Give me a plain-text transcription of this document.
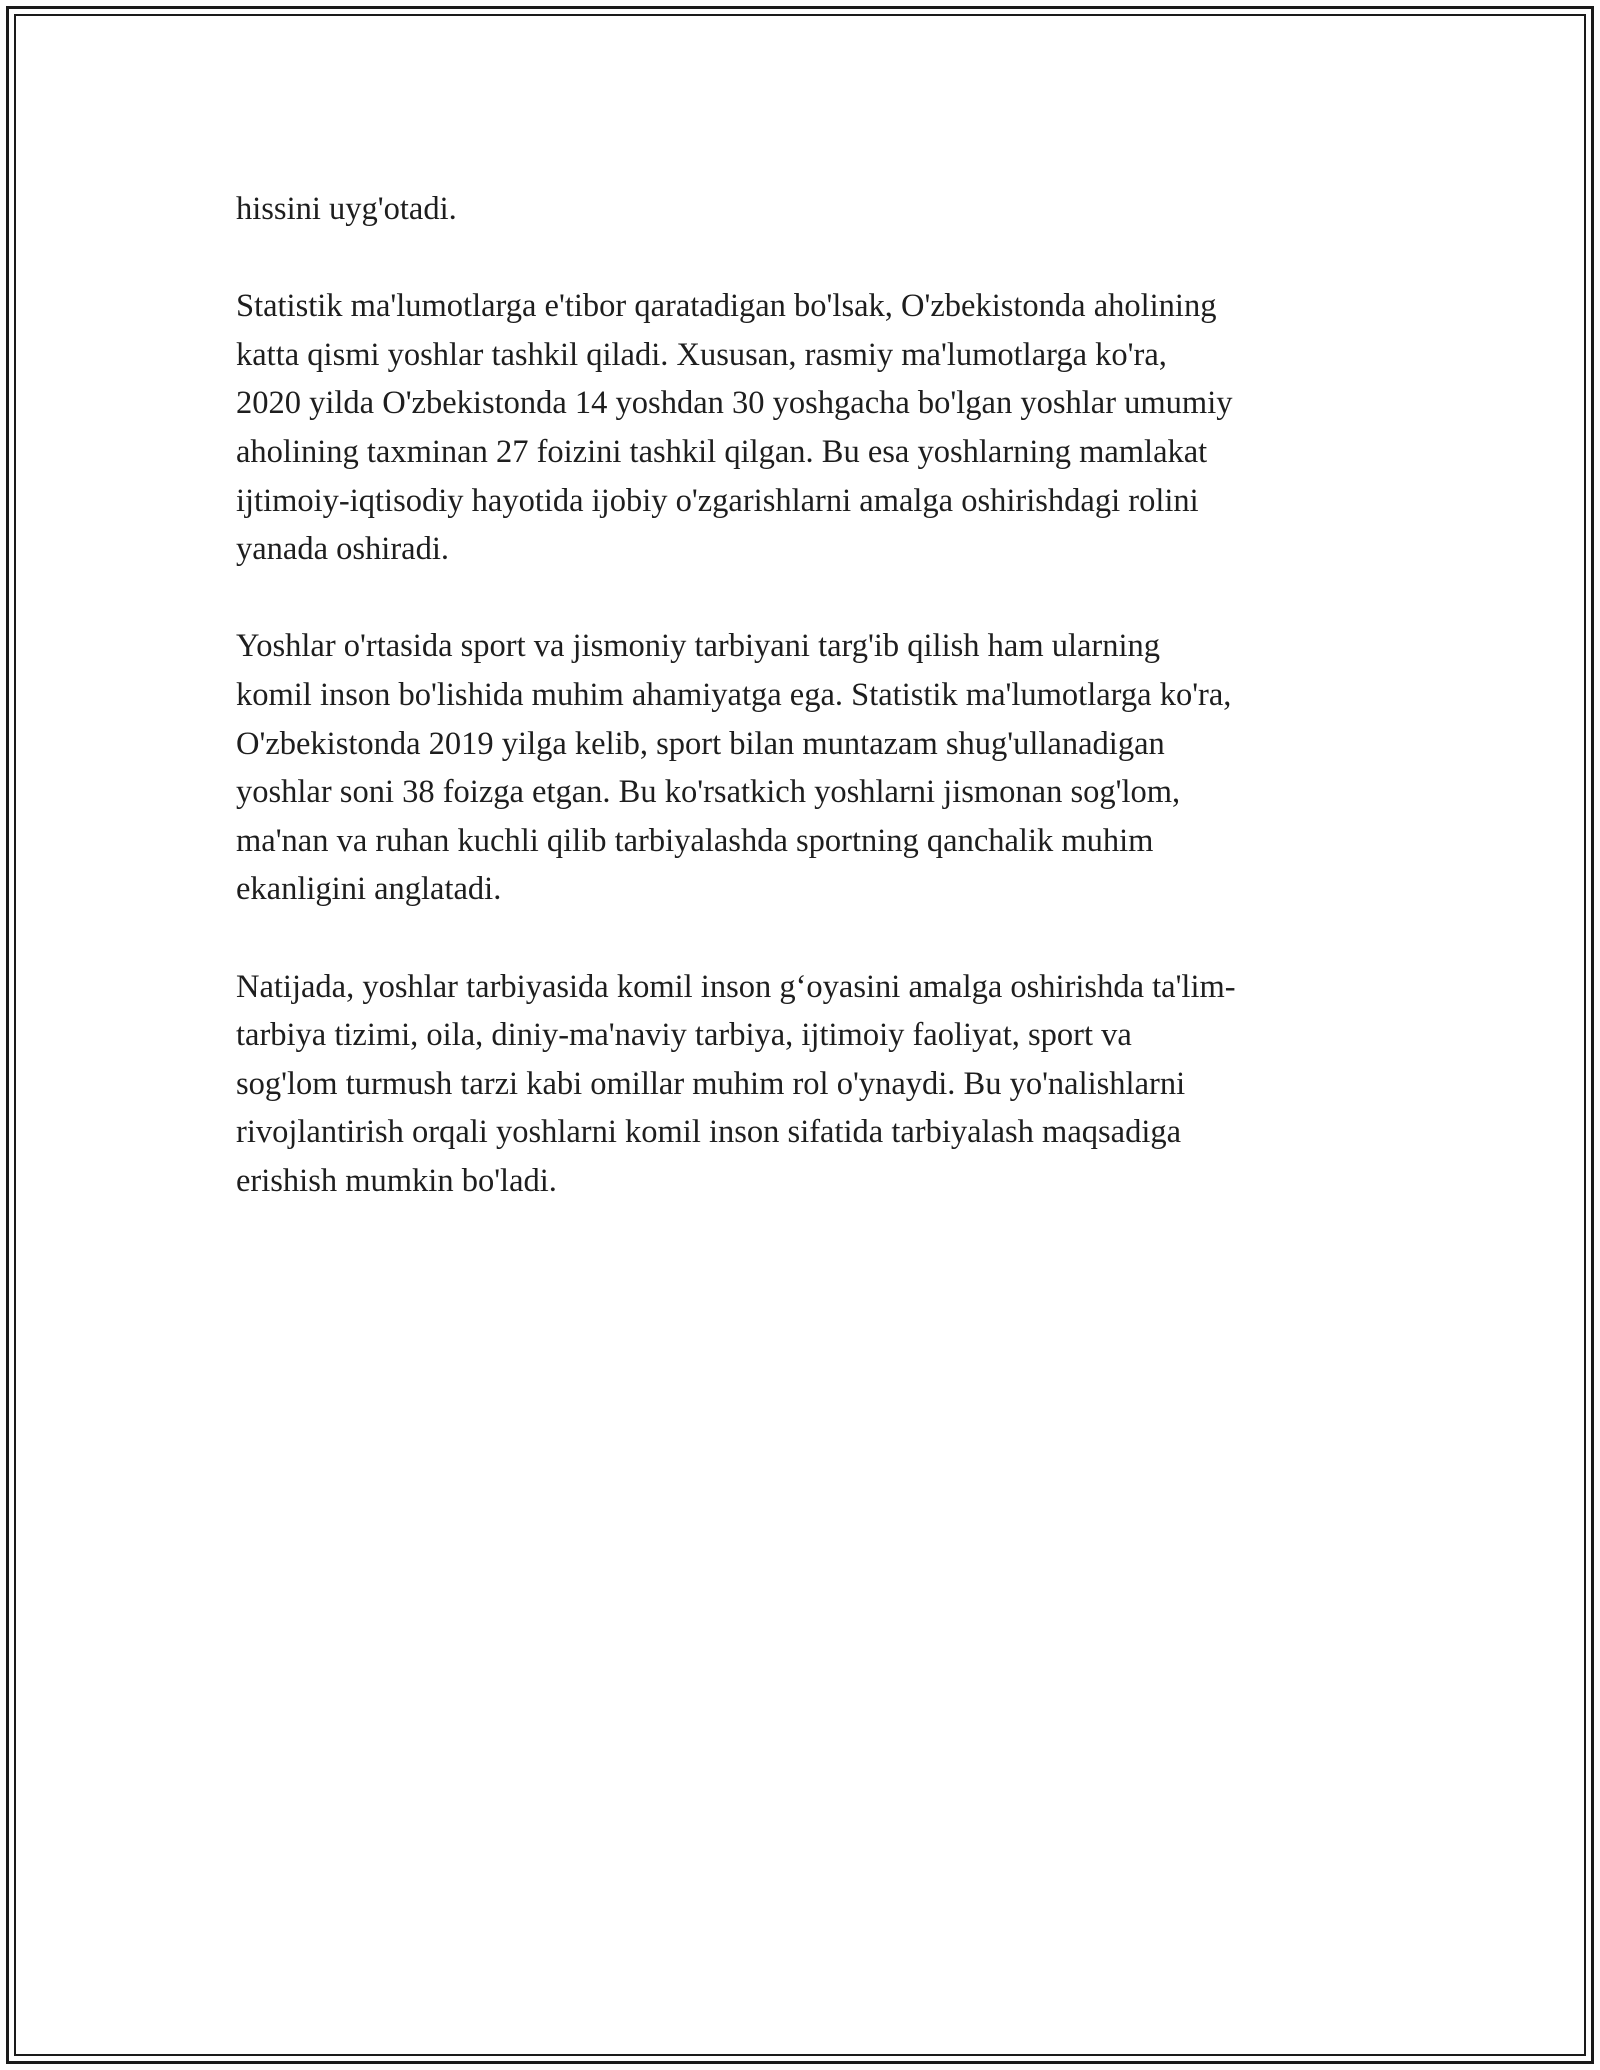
hissini uyg'otadi.

Statistik ma'lumotlarga e'tibor qaratadigan bo'lsak, O'zbekistonda aholining
katta qismi yoshlar tashkil qiladi. Xususan, rasmiy ma'lumotlarga ko'ra,
2020 yilda O'zbekistonda 14 yoshdan 30 yoshgacha bo'lgan yoshlar umumiy
aholining taxminan 27 foizini tashkil qilgan. Bu esa yoshlarning mamlakat
ijtimoiy-iqtisodiy hayotida ijobiy o'zgarishlarni amalga oshirishdagi rolini
yanada oshiradi.

Yoshlar o'rtasida sport va jismoniy tarbiyani targ'ib qilish ham ularning
komil inson bo'lishida muhim ahamiyatga ega. Statistik ma'lumotlarga ko'ra,
O'zbekistonda 2019 yilga kelib, sport bilan muntazam shug'ullanadigan
yoshlar soni 38 foizga etgan. Bu ko'rsatkich yoshlarni jismonan sog'lom,
ma'nan va ruhan kuchli qilib tarbiyalashda sportning qanchalik muhim
ekanligini anglatadi.

Natijada, yoshlar tarbiyasida komil inson g‘oyasini amalga oshirishda ta'lim-
tarbiya tizimi, oila, diniy-ma'naviy tarbiya, ijtimoiy faoliyat, sport va
sog'lom turmush tarzi kabi omillar muhim rol o'ynaydi. Bu yo'nalishlarni
rivojlantirish orqali yoshlarni komil inson sifatida tarbiyalash maqsadiga
erishish mumkin bo'ladi.
